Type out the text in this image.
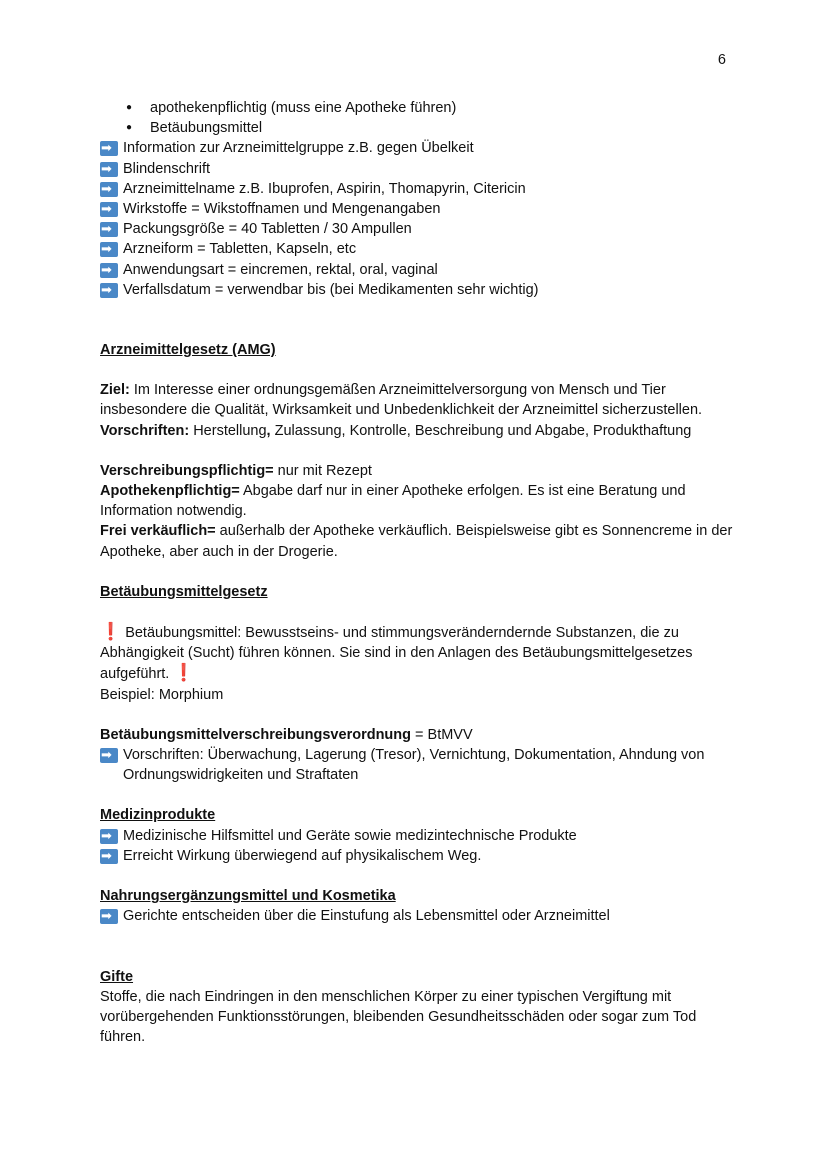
6
● apothekenpflichtig (muss eine Apotheke führen)
● Betäubungsmittel
➡
Information zur Arzneimittelgruppe z.B. gegen Übelkeit
➡
Blindenschrift
➡
Arzneimittelname z.B. Ibuprofen, Aspirin, Thomapyrin, Citericin
➡
Wirkstoffe = Wikstoffnamen und Mengenangaben
➡
Packungsgröße = 40 Tabletten / 30 Ampullen
➡
Arzneiform = Tabletten, Kapseln, etc
➡
Anwendungsart = eincremen, rektal, oral, vaginal
➡
Verfallsdatum = verwendbar bis (bei Medikamenten sehr wichtig)
Arzneimittelgesetz (AMG)
Ziel: Im Interesse einer ordnungsgemäßen Arzneimittelversorgung von Mensch und Tier insbesondere die Qualität, Wirksamkeit und Unbedenklichkeit der Arzneimittel sicherzustellen.
Vorschriften: Herstellung, Zulassung, Kontrolle, Beschreibung und Abgabe, Produkthaftung
Verschreibungspflichtig= nur mit Rezept
Apothekenpflichtig= Abgabe darf nur in einer Apotheke erfolgen. Es ist eine Beratung und Information notwendig.
Frei verkäuflich= außerhalb der Apotheke verkäuflich. Beispielsweise gibt es Sonnencreme in der Apotheke, aber auch in der Drogerie.
Betäubungsmittelgesetz
❗ Betäubungsmittel: Bewusstseins- und stimmungsveränderndernde Substanzen, die zu Abhängigkeit (Sucht) führen können. Sie sind in den Anlagen des Betäubungsmittelgesetzes aufgeführt. ❗
Beispiel: Morphium
Betäubungsmittelverschreibungsverordnung = BtMVV
➡
Vorschriften: Überwachung, Lagerung (Tresor), Vernichtung, Dokumentation, Ahndung von Ordnungswidrigkeiten und Straftaten
Medizinprodukte
➡
Medizinische Hilfsmittel und Geräte sowie medizintechnische Produkte
➡
Erreicht Wirkung überwiegend auf physikalischem Weg.
Nahrungsergänzungsmittel und Kosmetika
➡
Gerichte entscheiden über die Einstufung als Lebensmittel oder Arzneimittel
Gifte
Stoffe, die nach Eindringen in den menschlichen Körper zu einer typischen Vergiftung mit vorübergehenden Funktionsstörungen, bleibenden Gesundheitsschäden oder sogar zum Tod führen.
